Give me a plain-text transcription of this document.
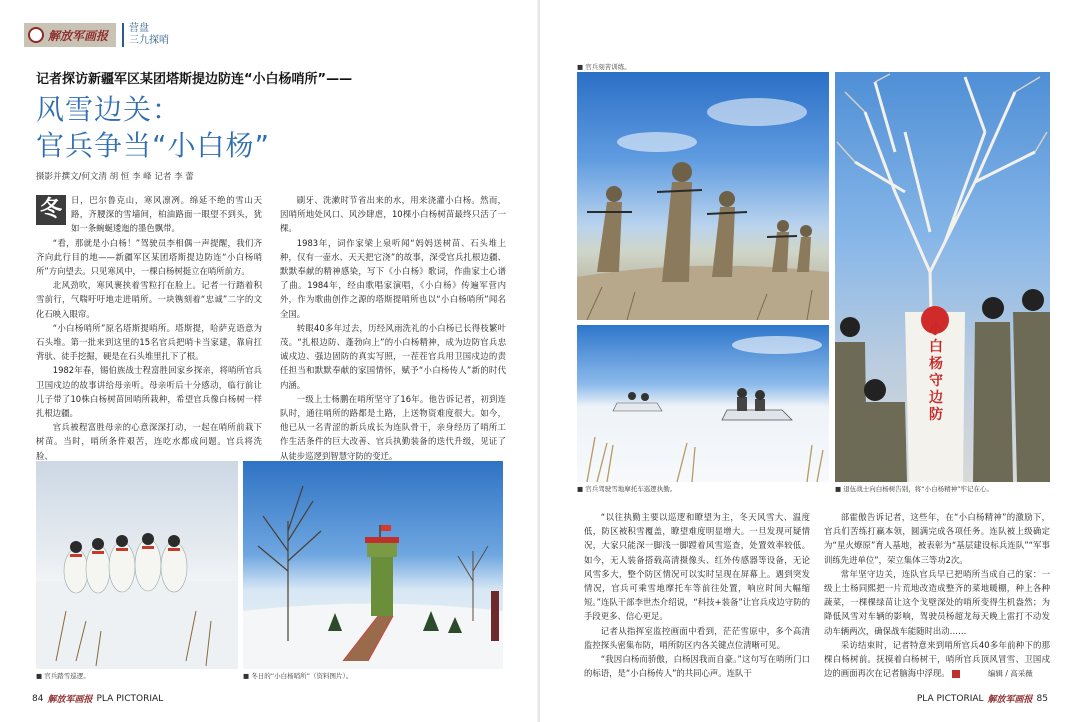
解放军画报 营盘
三九探哨
记者探访新疆军区某团塔斯提边防连“小白杨哨所”——
风雪边关：
官兵争当“小白杨”
摄影并撰文/何文清 胡 恒 李 峰 记者 李 蕾

冬	日，巴尔鲁克山，寒风凛冽。绵延不绝的雪山天路，齐腰深的雪墙间，柏油路面一眼望不到头，犹如一条蜿蜒逶迤的墨色飘带。

“看，那就是小白杨！”驾驶员李相偶一声提醒，我们齐齐向此行目的地——新疆军区某团塔斯提边防连“小白杨哨所”方向望去。只见寒风中，一棵白杨树挺立在哨所前方。

北风劲吹，寒风裹挟着雪粒打在脸上。记者一行踏着积雪前行，气喘吁吁地走进哨所。一块镌刻着“忠诚”二字的文化石映入眼帘。

“小白杨哨所”原名塔斯提哨所。塔斯提，哈萨克语意为石头堆。第一批来到这里的15名官兵把哨卡当家建，靠肩扛背驮、徒手挖掘，硬是在石头堆里扎下了根。

1982年春，锡伯族战士程富胜回家乡探亲，将哨所官兵卫国戍边的故事讲给母亲听。母亲听后十分感动，临行前让儿子带了10株白杨树苗回哨所栽种，希望官兵像白杨树一样扎根边疆。

官兵被程富胜母亲的心意深深打动，一起在哨所前栽下树苗。当时，哨所条件艰苦，连吃水都成问题。官兵将洗脸、

刷牙、洗漱时节省出来的水，用来浇灌小白杨。然而，因哨所地处风口、风沙肆虐，10棵小白杨树苗最终只活了一棵。

1983年，词作家梁上泉听闻“妈妈送树苗、石头堆上种，仅有一壶水、天天把它浇”的故事，深受官兵扎根边疆、默默奉献的精神感染，写下《小白杨》歌词，作曲家士心谱了曲。1984年，经由歌唱家演唱，《小白杨》传遍军营内外，作为歌曲创作之源的塔斯提哨所也以“小白杨哨所”闻名全国。

转眼40多年过去，历经风雨洗礼的小白杨已长得枝繁叶茂。“扎根边防、蓬勃向上”的小白杨精神，成为边防官兵忠诚戍边、强边固防的真实写照，一茬茬官兵用卫国戍边的责任担当和默默奉献的家国情怀，赋予“小白杨传人”新的时代内涵。

一级上士杨鹏在哨所坚守了16年。他告诉记者，初到连队时，通往哨所的路都是土路，上送物资难度很大。如今，他已从一名青涩的新兵成长为连队骨干，亲身经历了哨所工作生活条件的巨大改善、官兵执勤装备的迭代升级，见证了从徒步巡逻到智慧守防的变迁。

■ 官兵踏雪巡逻。	■ 冬日的“小白杨哨所”（资料图片）。
84 解放军画报 PLA PICTORIAL
■ 官兵刻苦训练。
■ 官兵驾驶雪地摩托车巡逻执勤。
小白杨守边防
■ 退伍战士向白杨树告别，将“小白杨精神”牢记在心。

“以往执勤主要以巡逻和瞭望为主，冬天风雪大、温度低，防区被积雪覆盖，瞭望难度明显增大。一旦发现可疑情况，大家只能深一脚浅一脚蹚着风雪巡查，处置效率较低。如今，无人装备搭载高清摄像头、红外传感器等设备，无论风雪多大，整个防区情况可以实时呈现在屏幕上。遇到突发情况，官兵可乘雪地摩托车等前往处置，响应时间大幅缩短。”连队干部李世杰介绍说，“科技+装备”让官兵戍边守防的手段更多、信心更足。

记者从指挥室监控画面中看到，茫茫雪原中，多个高清监控探头密集布防，哨所防区内各关键点位清晰可见。

“我因白杨而骄傲，白杨因我而自豪。”这句写在哨所门口的标语，是“小白杨传人”的共同心声。连队干

部霍傲告诉记者，这些年，在“小白杨精神”的激励下，官兵们苦练打赢本领，圆满完成各项任务。连队被上级确定为“星火燎原”育人基地，被表彰为“基层建设标兵连队”“军事训练先进单位”，荣立集体三等功2次。

常年坚守边关，连队官兵早已把哨所当成自己的家：一级上士杨同熙把一片荒地改造成整齐的菜地暖棚，种上各种蔬菜，一棵棵绿苗让这个戈壁深处的哨所变得生机盎然；为降低风雪对车辆的影响，驾驶员杨超龙每天晚上雷打不动发动车辆两次，确保战车能随时出动……

采访结束时，记者特意来到哨所官兵40多年前种下的那棵白杨树前。抚摸着白杨树干，哨所官兵顶风冒雪、卫国戍边的画面再次在记者脑海中浮现。	编辑 / 高采薇
PLA PICTORIAL 解放军画报 85
